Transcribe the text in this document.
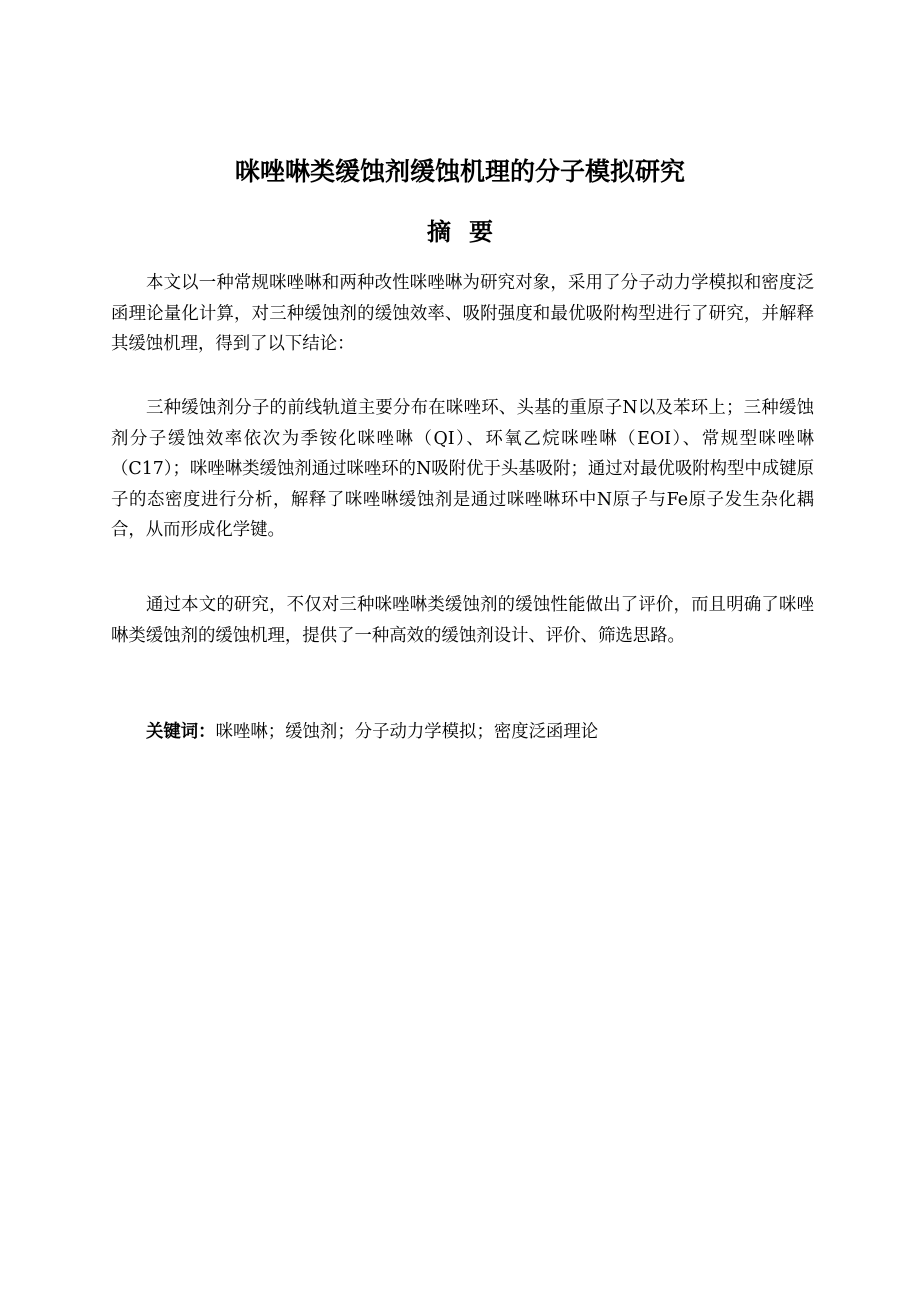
咪唑啉类缓蚀剂缓蚀机理的分子模拟研究
摘要

本文以一种常规咪唑啉和两种改性咪唑啉为研究对象，采用了分子动力学模拟和密度泛函理论量化计算，对三种缓蚀剂的缓蚀效率、吸附强度和最优吸附构型进行了研究，并解释其缓蚀机理，得到了以下结论：

三种缓蚀剂分子的前线轨道主要分布在咪唑环、头基的重原子N以及苯环上；三种缓蚀剂分子缓蚀效率依次为季铵化咪唑啉（QI）、环氧乙烷咪唑啉（EOI）、常规型咪唑啉（C17）；咪唑啉类缓蚀剂通过咪唑环的N吸附优于头基吸附；通过对最优吸附构型中成键原子的态密度进行分析，解释了咪唑啉缓蚀剂是通过咪唑啉环中N原子与Fe原子发生杂化耦合，从而形成化学键。

通过本文的研究，不仅对三种咪唑啉类缓蚀剂的缓蚀性能做出了评价，而且明确了咪唑啉类缓蚀剂的缓蚀机理，提供了一种高效的缓蚀剂设计、评价、筛选思路。

关键词：咪唑啉；缓蚀剂；分子动力学模拟；密度泛函理论
